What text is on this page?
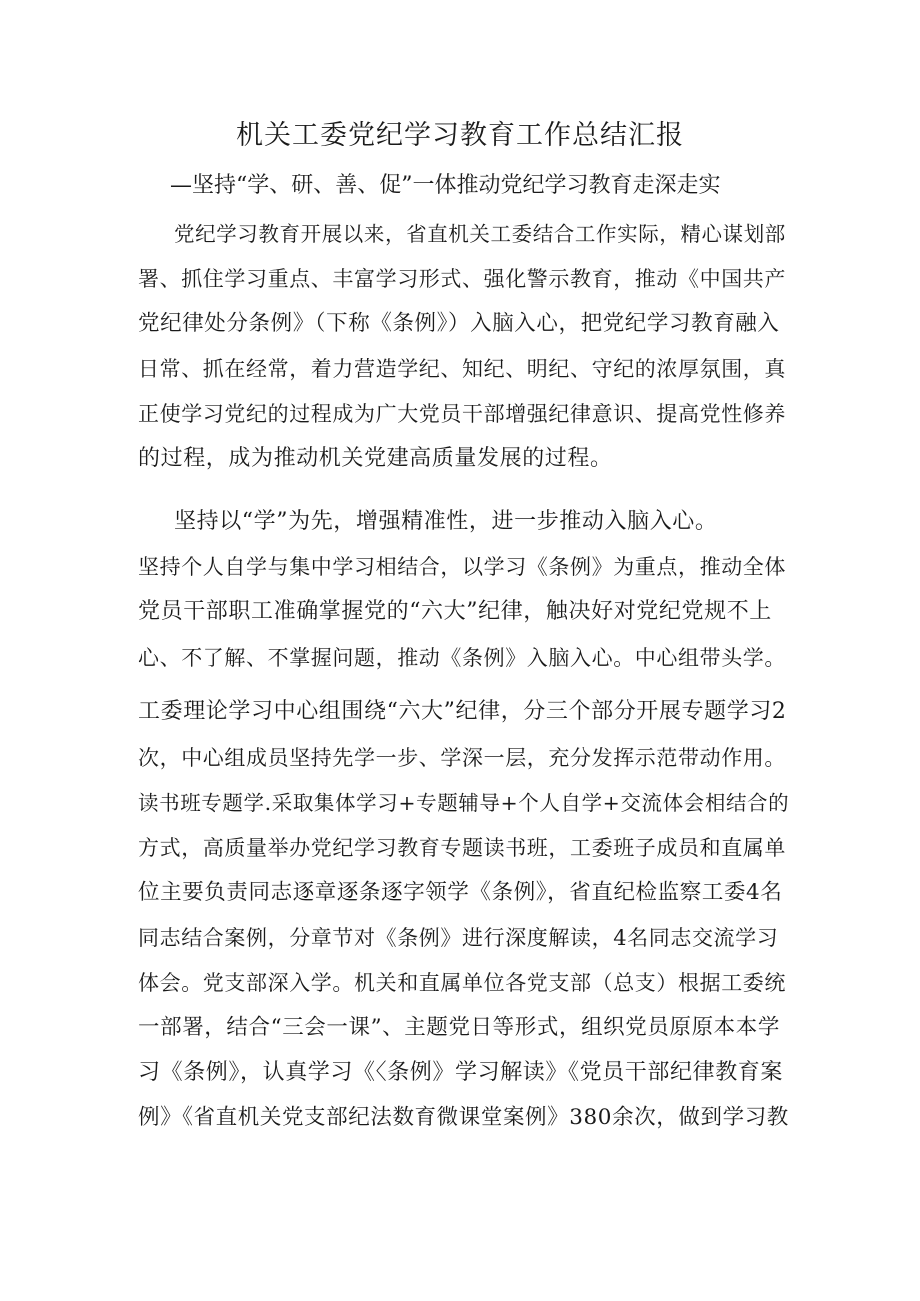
机关工委党纪学习教育工作总结汇报
—坚持“学、研、善、促”一体推动党纪学习教育走深走实
党纪学习教育开展以来，省直机关工委结合工作实际，精心谋划部
署、抓住学习重点、丰富学习形式、强化警示教育，推动《中国共产
党纪律处分条例》（下称《条例》）入脑入心，把党纪学习教育融入
日常、抓在经常，着力营造学纪、知纪、明纪、守纪的浓厚氛围，真
正使学习党纪的过程成为广大党员干部增强纪律意识、提高党性修养
的过程，成为推动机关党建高质量发展的过程。
坚持以“学”为先，增强精准性，进一步推动入脑入心。
坚持个人自学与集中学习相结合，以学习《条例》为重点，推动全体
党员干部职工准确掌握党的“六大”纪律，触决好对党纪党规不上
心、不了解、不掌握问题，推动《条例》入脑入心。中心组带头学。
工委理论学习中心组围绕“六大”纪律，分三个部分开展专题学习2
次，中心组成员坚持先学一步、学深一层，充分发挥示范带动作用。
读书班专题学.采取集体学习+专题辅导+个人自学+交流体会相结合的
方式，高质量举办党纪学习教育专题读书班，工委班子成员和直属单
位主要负责同志逐章逐条逐字领学《条例》，省直纪检监察工委4名
同志结合案例，分章节对《条例》进行深度解读，4名同志交流学习
体会。党支部深入学。机关和直属单位各党支部（总支）根据工委统
一部署，结合“三会一课”、主题党日等形式，组织党员原原本本学
习《条例》，认真学习《〈条例》学习解读》《党员干部纪律教育案
例》《省直机关党支部纪法数育微课堂案例》380余次，做到学习教
